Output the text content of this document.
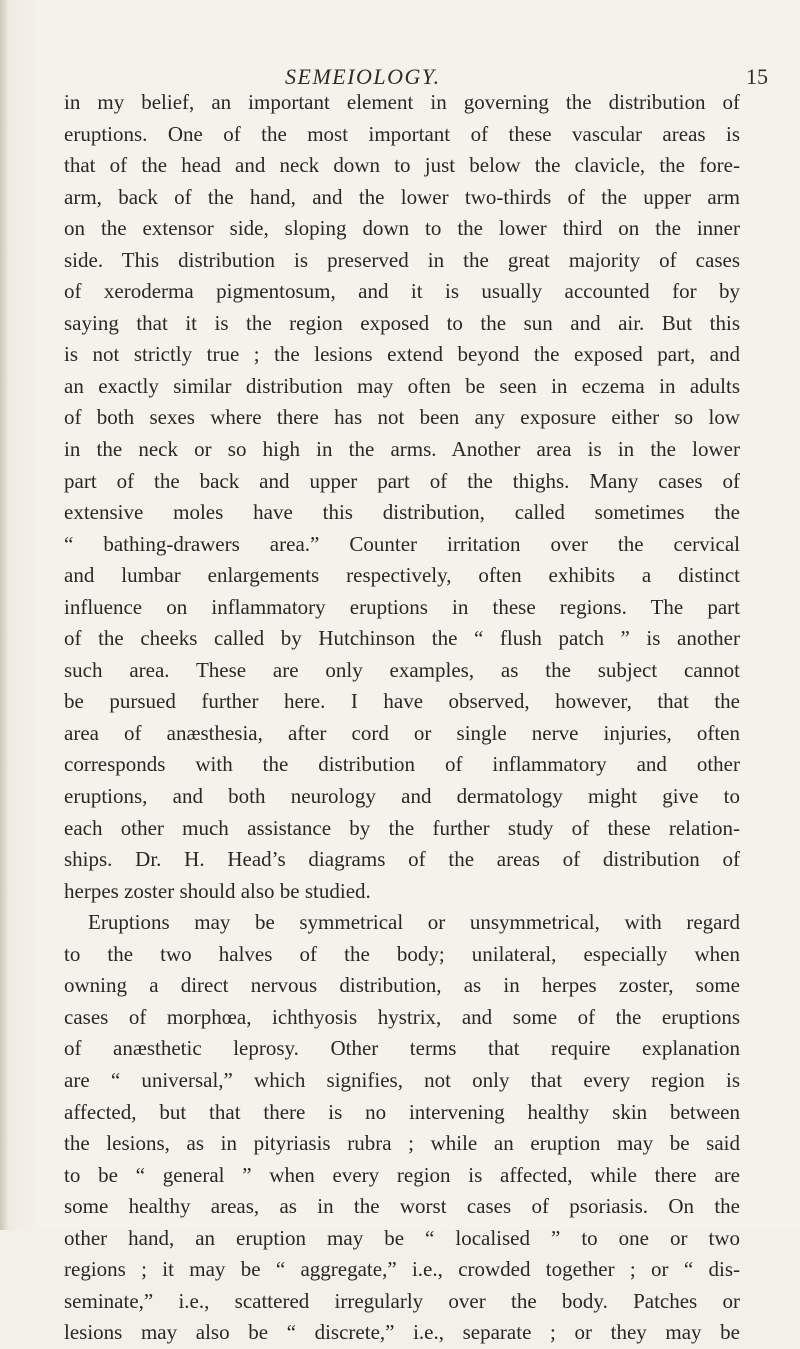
SEMEIOLOGY.	15
in my belief, an important element in governing the distribution of
eruptions. One of the most important of these vascular areas is
that of the head and neck down to just below the clavicle, the fore-
arm, back of the hand, and the lower two-thirds of the upper arm
on the extensor side, sloping down to the lower third on the inner
side. This distribution is preserved in the great majority of cases
of xeroderma pigmentosum, and it is usually accounted for by
saying that it is the region exposed to the sun and air. But this
is not strictly true ; the lesions extend beyond the exposed part, and
an exactly similar distribution may often be seen in eczema in adults
of both sexes where there has not been any exposure either so low
in the neck or so high in the arms. Another area is in the lower
part of the back and upper part of the thighs. Many cases of
extensive moles have this distribution, called sometimes the
“ bathing-drawers area.” Counter irritation over the cervical
and lumbar enlargements respectively, often exhibits a distinct
influence on inflammatory eruptions in these regions. The part
of the cheeks called by Hutchinson the “ flush patch ” is another
such area. These are only examples, as the subject cannot
be pursued further here. I have observed, however, that the
area of anæsthesia, after cord or single nerve injuries, often
corresponds with the distribution of inflammatory and other
eruptions, and both neurology and dermatology might give to
each other much assistance by the further study of these relation-
ships. Dr. H. Head’s diagrams of the areas of distribution of
herpes zoster should also be studied.
Eruptions may be symmetrical or unsymmetrical, with regard
to the two halves of the body; unilateral, especially when
owning a direct nervous distribution, as in herpes zoster, some
cases of morphœa, ichthyosis hystrix, and some of the eruptions
of anæsthetic leprosy. Other terms that require explanation
are “ universal,” which signifies, not only that every region is
affected, but that there is no intervening healthy skin between
the lesions, as in pityriasis rubra ; while an eruption may be said
to be “ general ” when every region is affected, while there are
some healthy areas, as in the worst cases of psoriasis. On the
other hand, an eruption may be “ localised ” to one or two
regions ; it may be “ aggregate,” i.e., crowded together ; or “ dis-
seminate,” i.e., scattered irregularly over the body. Patches or
lesions may also be “ discrete,” i.e., separate ; or they may be
